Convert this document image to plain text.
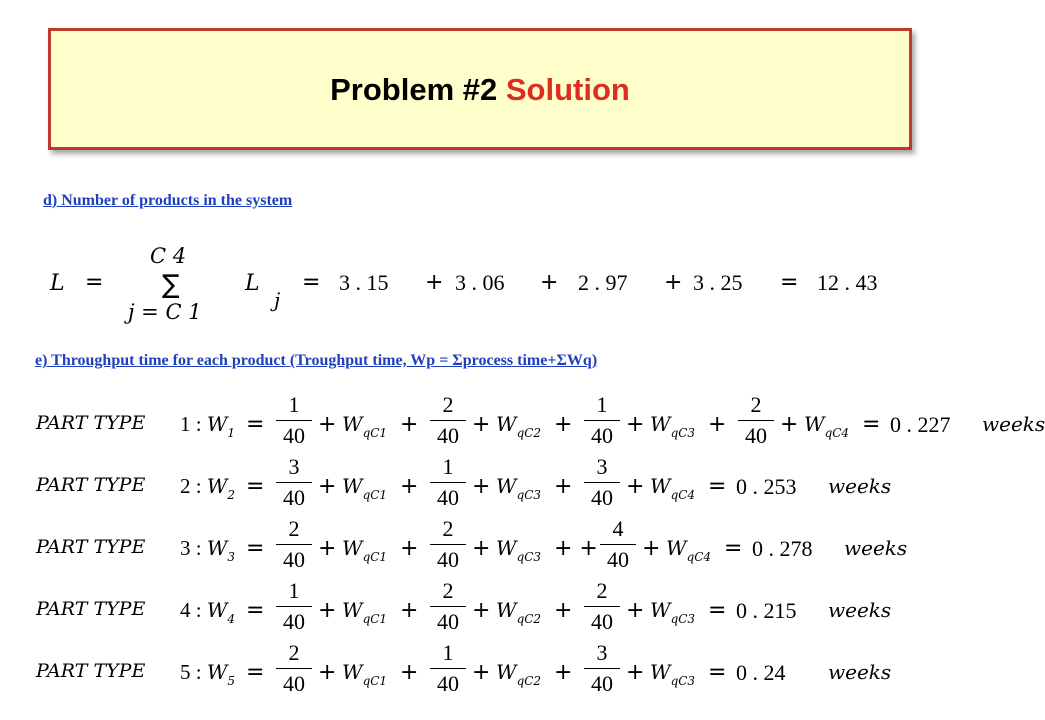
Problem #2 Solution
d) Number of products in the system
L =
C 4
∑
j = C 1
L
j
= 3 . 15 + 3 . 06 + 2 . 97 + 3 . 25 = 12 . 43
e) Throughput time for each product (Troughput time, Wp = Σprocess time+ΣWq)
PART TYPE 1 : $W_1$ =
1
$40 + W_{qC1}$ +
2
$40 + W_{qC2}$ +
1
$40 + W_{qC3}$ +
2
$40 + W_{qC4} = 0$ . 227 weeks
PART TYPE 2 : $W_2$ =
3
$40 + W_{qC1}$ +
1
$40 + W_{qC3}$ +
3
$40 + W_{qC4} = 0$ . 253 weeks
PART TYPE 3 : $W_3$ =
2
$40 + W_{qC1}$ +
2
$40 + W_{qC3}$ + +
4
$40 + W_{qC4} = 0$ . 278 weeks
PART TYPE 4 : $W_4$ =
1
$40 + W_{qC1}$ +
2
$40 + W_{qC2}$ +
2
$40 + W_{qC3} = 0$ . 215 weeks
PART TYPE 5 : $W_5$ =
2
$40 + W_{qC1}$ +
1
$40 + W_{qC2}$ +
3
$40 + W_{qC3} = 0$ . 24 weeks
